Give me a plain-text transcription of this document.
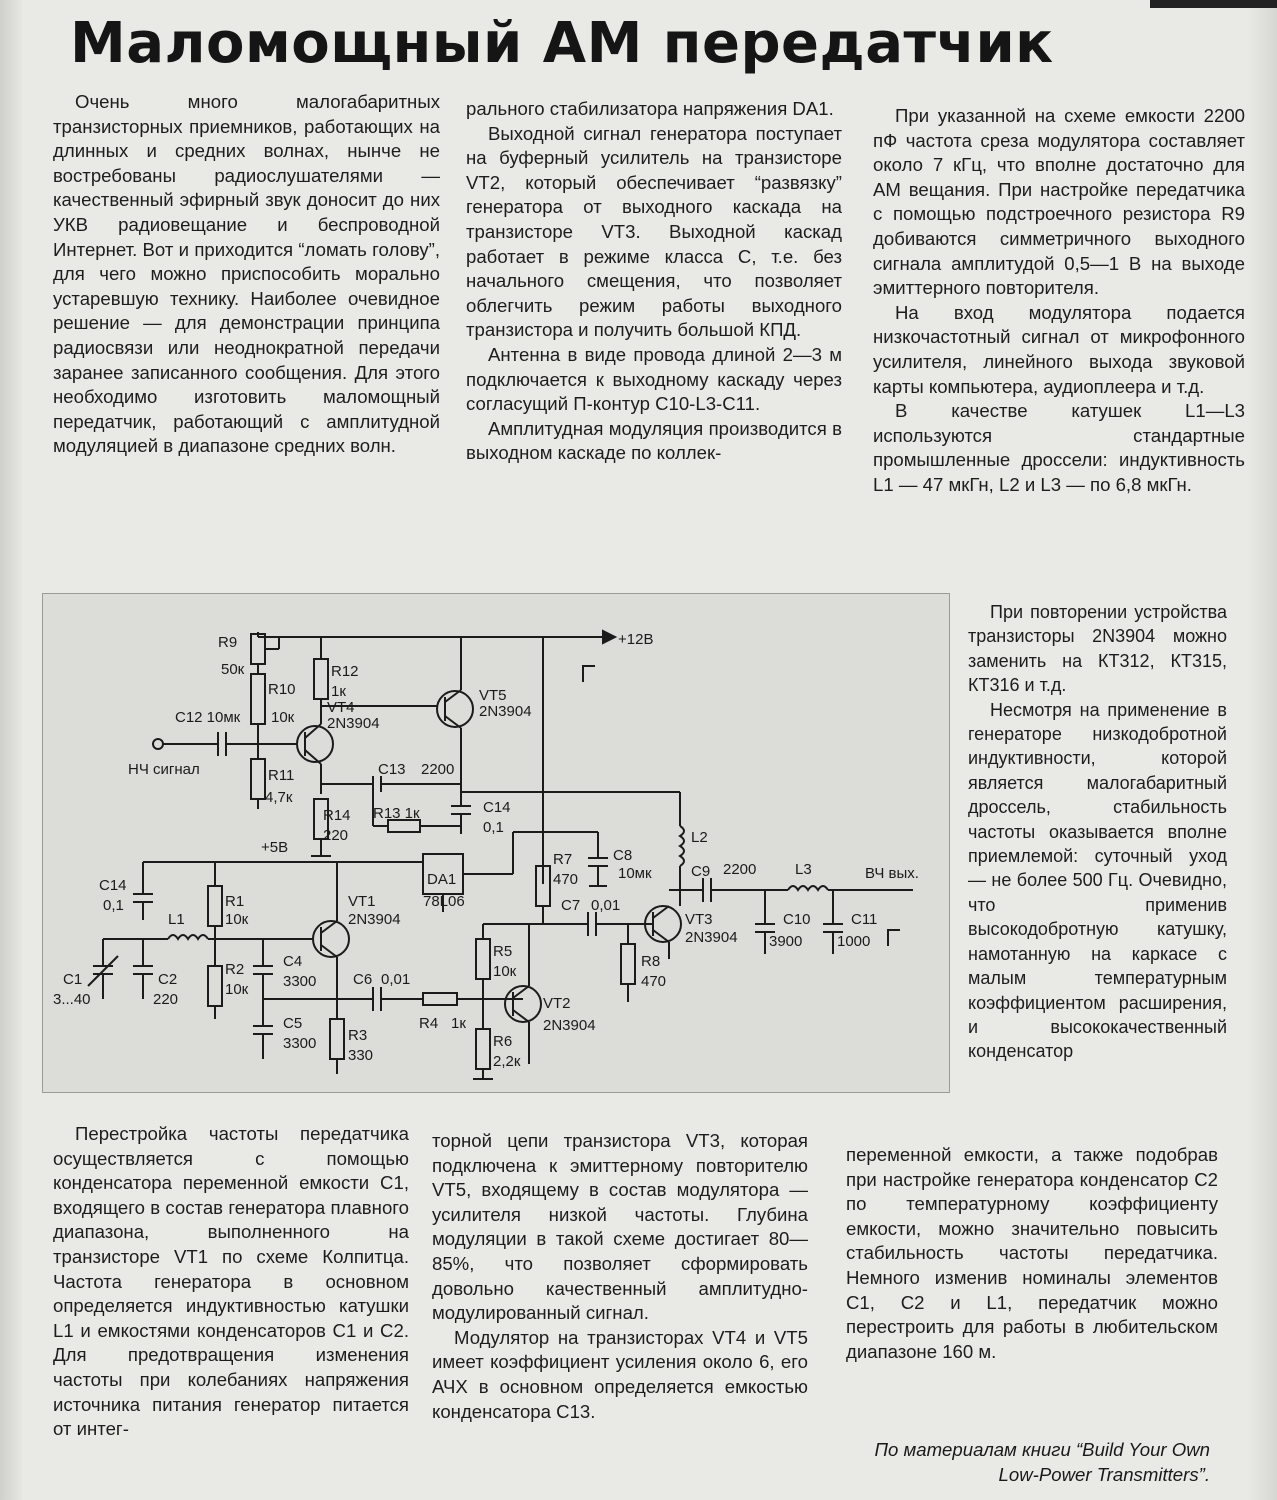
Маломощный АМ передатчик

Очень много малогабаритных транзисторных приемников, работающих на длинных и средних волнах, нынче не востребованы радиослушателями — качественный эфирный звук доносит до них УКВ радиовещание и беспроводной Интернет. Вот и приходится “ломать голову”, для чего можно приспособить морально устаревшую технику. Наиболее очевидное решение — для демонстрации принципа радиосвязи или неоднократной передачи заранее записанного сообщения. Для этого необходимо изготовить маломощный передатчик, работающий с амплитудной модуляцией в диапазоне средних волн.

рального стабилизатора напряжения DA1.

Выходной сигнал генератора поступает на буферный усилитель на транзисторе VT2, который обеспечивает “развязку” генератора от выходного каскада на транзисторе VT3. Выходной каскад работает в режиме класса С, т.е. без начального смещения, что позволяет облегчить режим работы выходного транзистора и получить большой КПД.

Антенна в виде провода длиной 2—3 м подключается к выходному каскаду через согласущий П-контур С10-L3-С11.

Амплитудная модуляция производится в выходном каскаде по коллек-

При указанной на схеме емкости 2200 пФ частота среза модулятора составляет около 7 кГц, что вполне достаточно для АМ вещания. При настройке передатчика с помощью подстроечного резистора R9 добиваются симметричного выходного сигнала амплитудой 0,5—1 В на выходе эмиттерного повторителя.

На вход модулятора подается низкочастотный сигнал от микрофонного усилителя, линейного выхода звуковой карты компьютера, аудиоплеера и т.д.

В качестве катушек L1—L3 используются стандартные промышленные дроссели: индуктивность L1 — 47 мкГн, L2 и L3 — по 6,8 мкГн.

При повторении устройства транзисторы 2N3904 можно заменить на КТ312, КТ315, КТ316 и т.д.

Несмотря на применение в генераторе низкодобротной индуктивности, которой является малогабаритный дроссель, стабильность частоты оказывается вполне приемлемой: суточный уход — не более 500 Гц. Очевидно, что применив высокодобротную катушку, намотанную на каркасе с малым температурным коэффициентом расширения, и высококачественный конденсатор

+12В
+5В
НЧ сигнал
ВЧ вых.
R9
50к
R10
10к
R11
4,7к
R12
1к
R13 1к
R14
220
C12 10мк
C13 2200
C14
0,1
VT4
2N3904
VT5
2N3904
DA1
78L06
R7
470
C8
10мк
L2
C9 2200	L3
C10
3900
C11
1000
C14
0,1	R1
10к
L1
VT1
2N3904
C7 0,01
VT3
2N3904
C1
3...40
C2
220
R2
10к
C4
3300 C6 0,01
R5
10к
R8
470
R4 1к
VT2
2N3904
C5
3300 R3
330
R6
2,2к

Перестройка частоты передатчика осуществляется с помощью конденсатора переменной емкости С1, входящего в состав генератора плавного диапазона, выполненного на транзисторе VT1 по схеме Колпитца. Частота генератора в основном определяется индуктивностью катушки L1 и емкостями конденсаторов С1 и С2. Для предотвращения изменения частоты при колебаниях напряжения источника питания генератор питается от интег-

торной цепи транзистора VT3, которая подключена к эмиттерному повторителю VT5, входящему в состав модулятора — усилителя низкой частоты. Глубина модуляции в такой схеме достигает 80—85%, что позволяет сформировать довольно качественный амплитудно-модулированный сигнал.

Модулятор на транзисторах VT4 и VT5 имеет коэффициент усиления около 6, его АЧХ в основном определяется емкостью конденсатора С13.

переменной емкости, а также подобрав при настройке генератора конденсатор С2 по температурному коэффициенту емкости, можно значительно повысить стабильность частоты передатчика. Немного изменив номиналы элементов С1, С2 и L1, передатчик можно перестроить для работы в любительском диапазоне 160 м.

По материалам книги “Build Your Own Low-Power Transmitters”.
